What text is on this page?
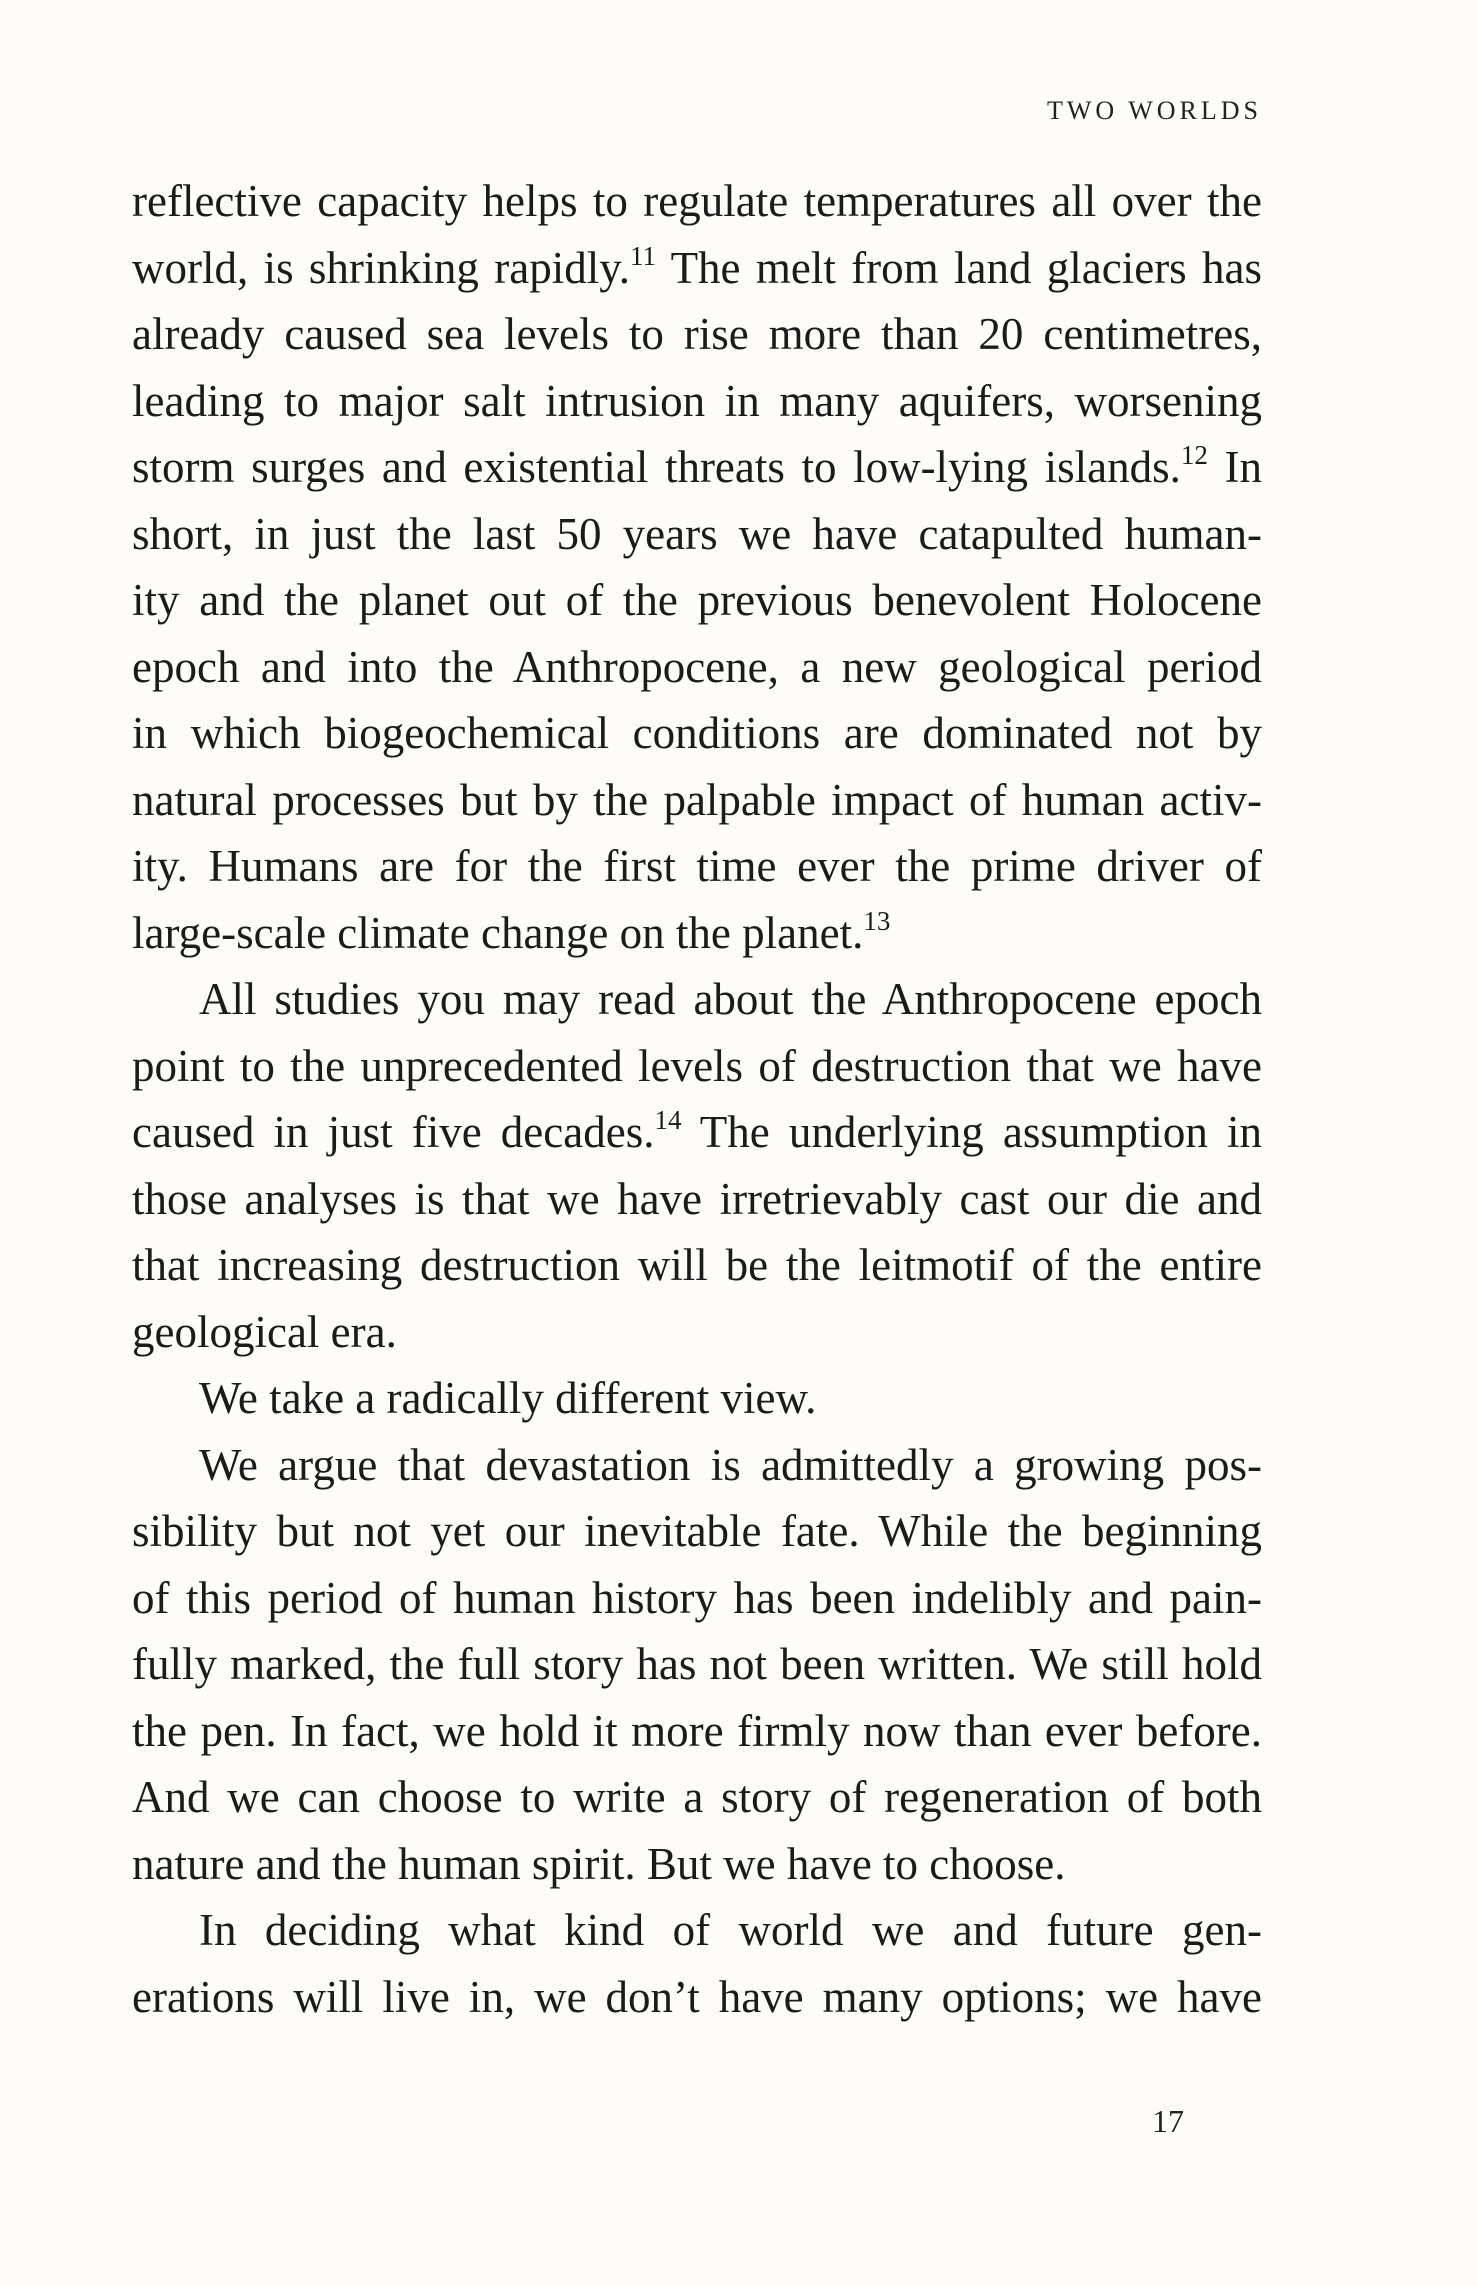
TWO WORLDS

reflective capacity helps to regulate temperatures all over the
world, is shrinking rapidly.$^{11}$ The melt from land glaciers has
already caused sea levels to rise more than 20 centimetres,
leading to major salt intrusion in many aquifers, worsening
storm surges and existential threats to low-lying islands.$^{12}$ In
short, in just the last 50 years we have catapulted human-
ity and the planet out of the previous benevolent Holocene
epoch and into the Anthropocene, a new geological period
in which biogeochemical conditions are dominated not by
natural processes but by the palpable impact of human activ-
ity. Humans are for the first time ever the prime driver of
large-scale climate change on the planet.$^{13}$

All studies you may read about the Anthropocene epoch
point to the unprecedented levels of destruction that we have
caused in just five decades.$^{14}$ The underlying assumption in
those analyses is that we have irretrievably cast our die and
that increasing destruction will be the leitmotif of the entire
geological era.

We take a radically different view.

We argue that devastation is admittedly a growing pos-
sibility but not yet our inevitable fate. While the beginning
of this period of human history has been indelibly and pain-
fully marked, the full story has not been written. We still hold
the pen. In fact, we hold it more firmly now than ever before.
And we can choose to write a story of regeneration of both
nature and the human spirit. But we have to choose.

In deciding what kind of world we and future gen-
erations will live in, we don’t have many options; we have

17
